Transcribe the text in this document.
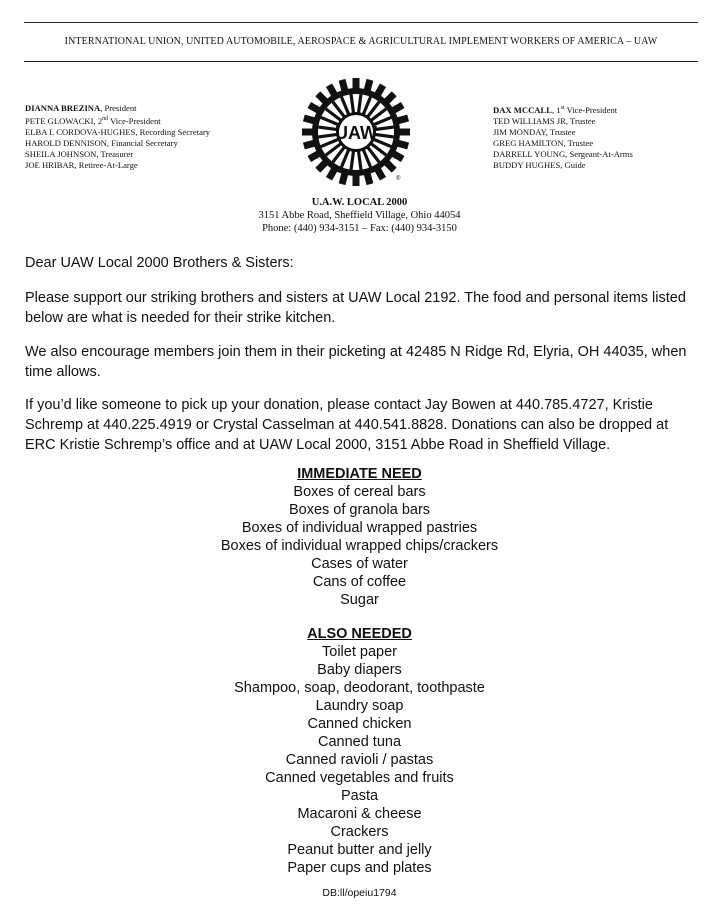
INTERNATIONAL UNION, UNITED AUTOMOBILE, AEROSPACE & AGRICULTURAL IMPLEMENT WORKERS OF AMERICA – UAW
DIANNA BREZINA, President
PETE GLOWACKI, 2nd Vice-President
ELBA I. CORDOVA-HUGHES, Recording Secretary
HAROLD DENNISON, Financial Secretary
SHEILA JOHNSON, Treasurer
JOE HRIBAR, Retiree-At-Large
UAW
®
DAX MCCALL, 1st Vice-President
TED WILLIAMS JR, Trustee
JIM MONDAY, Trustee
GREG HAMILTON, Trustee
DARRELL YOUNG, Sergeant-At-Arms
BUDDY HUGHES, Guide
U.A.W. LOCAL 2000
3151 Abbe Road, Sheffield Village, Ohio 44054
Phone: (440) 934-3151 – Fax: (440) 934-3150
Dear UAW Local 2000 Brothers & Sisters:
Please support our striking brothers and sisters at UAW Local 2192. The food and personal items listed below are what is needed for their strike kitchen.
We also encourage members join them in their picketing at 42485 N Ridge Rd, Elyria, OH 44035, when time allows.
If you’d like someone to pick up your donation, please contact Jay Bowen at 440.785.4727, Kristie Schremp at 440.225.4919 or Crystal Casselman at 440.541.8828. Donations can also be dropped at ERC Kristie Schremp’s office and at UAW Local 2000, 3151 Abbe Road in Sheffield Village.
IMMEDIATE NEED
Boxes of cereal bars
Boxes of granola bars
Boxes of individual wrapped pastries
Boxes of individual wrapped chips/crackers
Cases of water
Cans of coffee
Sugar
ALSO NEEDED
Toilet paper
Baby diapers
Shampoo, soap, deodorant, toothpaste
Laundry soap
Canned chicken
Canned tuna
Canned ravioli / pastas
Canned vegetables and fruits
Pasta
Macaroni & cheese
Crackers
Peanut butter and jelly
Paper cups and plates
DB:ll/opeiu1794
